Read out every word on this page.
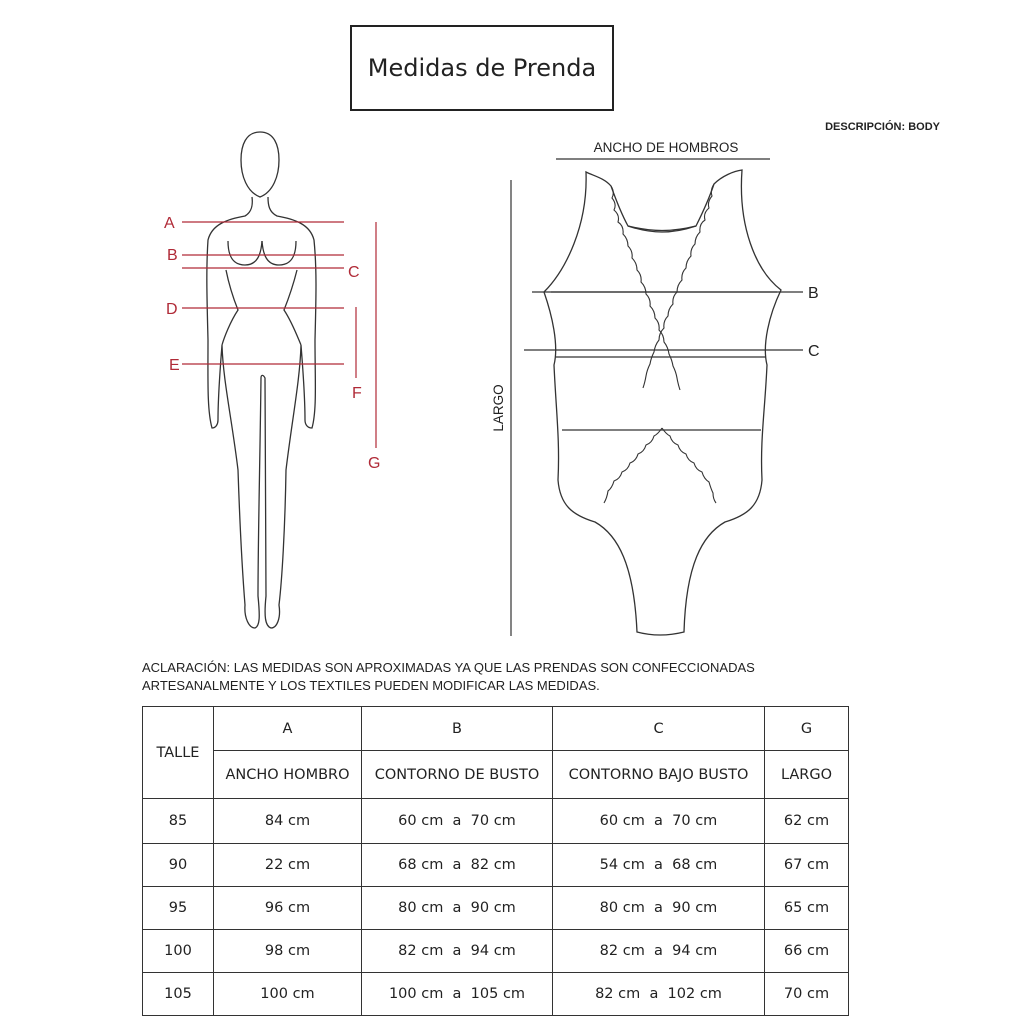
Medidas de Prenda
DESCRIPCIÓN: BODY
A
B
C
D
E
F
G
ANCHO DE HOMBROS
LARGO
B
C
ACLARACIÓN: LAS MEDIDAS SON APROXIMADAS YA QUE LAS PRENDAS SON CONFECCIONADAS
ARTESANALMENTE Y LOS TEXTILES PUEDEN MODIFICAR LAS MEDIDAS.
TALLE	A	B	C	G
	ANCHO HOMBRO	CONTORNO DE BUSTO	CONTORNO BAJO BUSTO	LARGO
85	84 cm	60 cm  a  70 cm	60 cm  a  70 cm	62 cm
90	22 cm	68 cm  a  82 cm	54 cm  a  68 cm	67 cm
95	96 cm	80 cm  a  90 cm	80 cm  a  90 cm	65 cm
100	98 cm	82 cm  a  94 cm	82 cm  a  94 cm	66 cm
105	100 cm	100 cm  a  105 cm	82 cm  a  102 cm	70 cm
